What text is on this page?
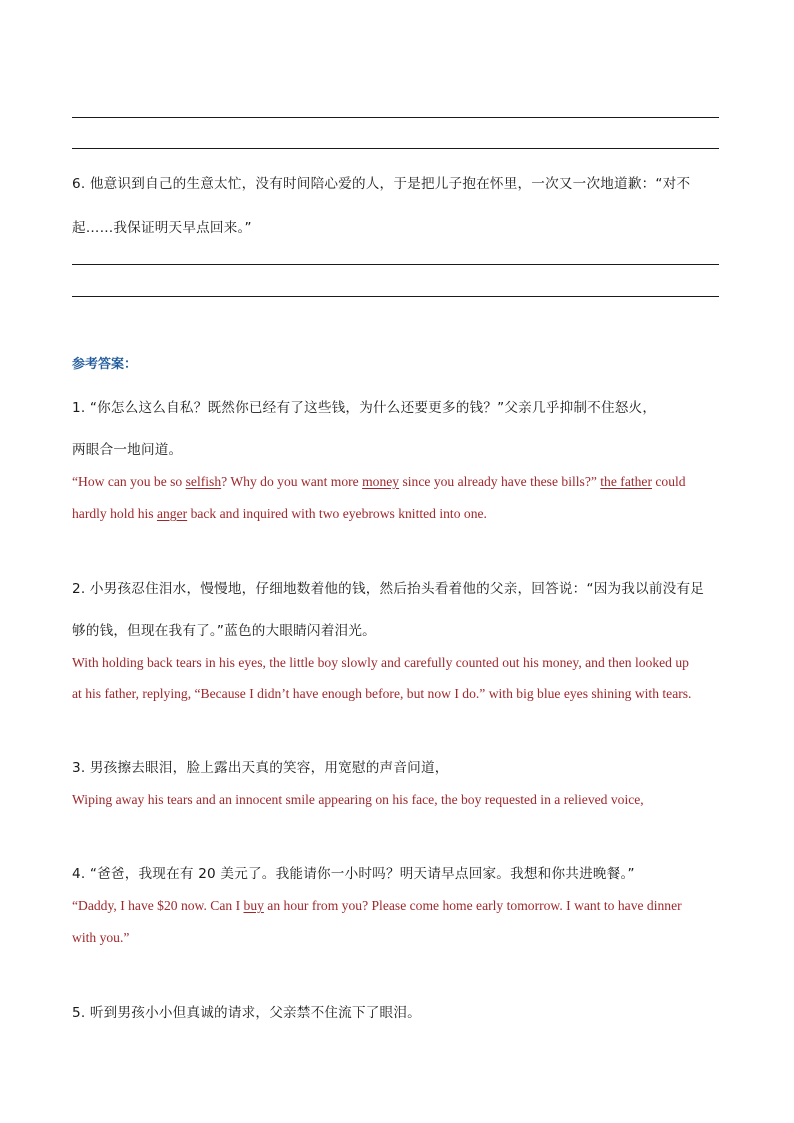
6. 他意识到自己的生意太忙，没有时间陪心爱的人，于是把儿子抱在怀里，一次又一次地道歉：“对不

起……我保证明天早点回来。”

参考答案：

1. “你怎么这么自私？既然你已经有了这些钱，为什么还要更多的钱？”父亲几乎抑制不住怒火，

两眼合一地问道。

“How can you be so selfish? Why do you want more money since you already have these bills?” the father could

hardly hold his anger back and inquired with two eyebrows knitted into one.

2. 小男孩忍住泪水，慢慢地，仔细地数着他的钱，然后抬头看着他的父亲，回答说：“因为我以前没有足

够的钱，但现在我有了。”蓝色的大眼睛闪着泪光。

With holding back tears in his eyes, the little boy slowly and carefully counted out his money, and then looked up

at his father, replying, “Because I didn’t have enough before, but now I do.” with big blue eyes shining with tears.

3. 男孩擦去眼泪，脸上露出天真的笑容，用宽慰的声音问道，

Wiping away his tears and an innocent smile appearing on his face, the boy requested in a relieved voice,

4. “爸爸，我现在有 20 美元了。我能请你一小时吗？明天请早点回家。我想和你共进晚餐。”

“Daddy, I have $20 now. Can I buy an hour from you? Please come home early tomorrow. I want to have dinner

with you.”

5. 听到男孩小小但真诚的请求，父亲禁不住流下了眼泪。
